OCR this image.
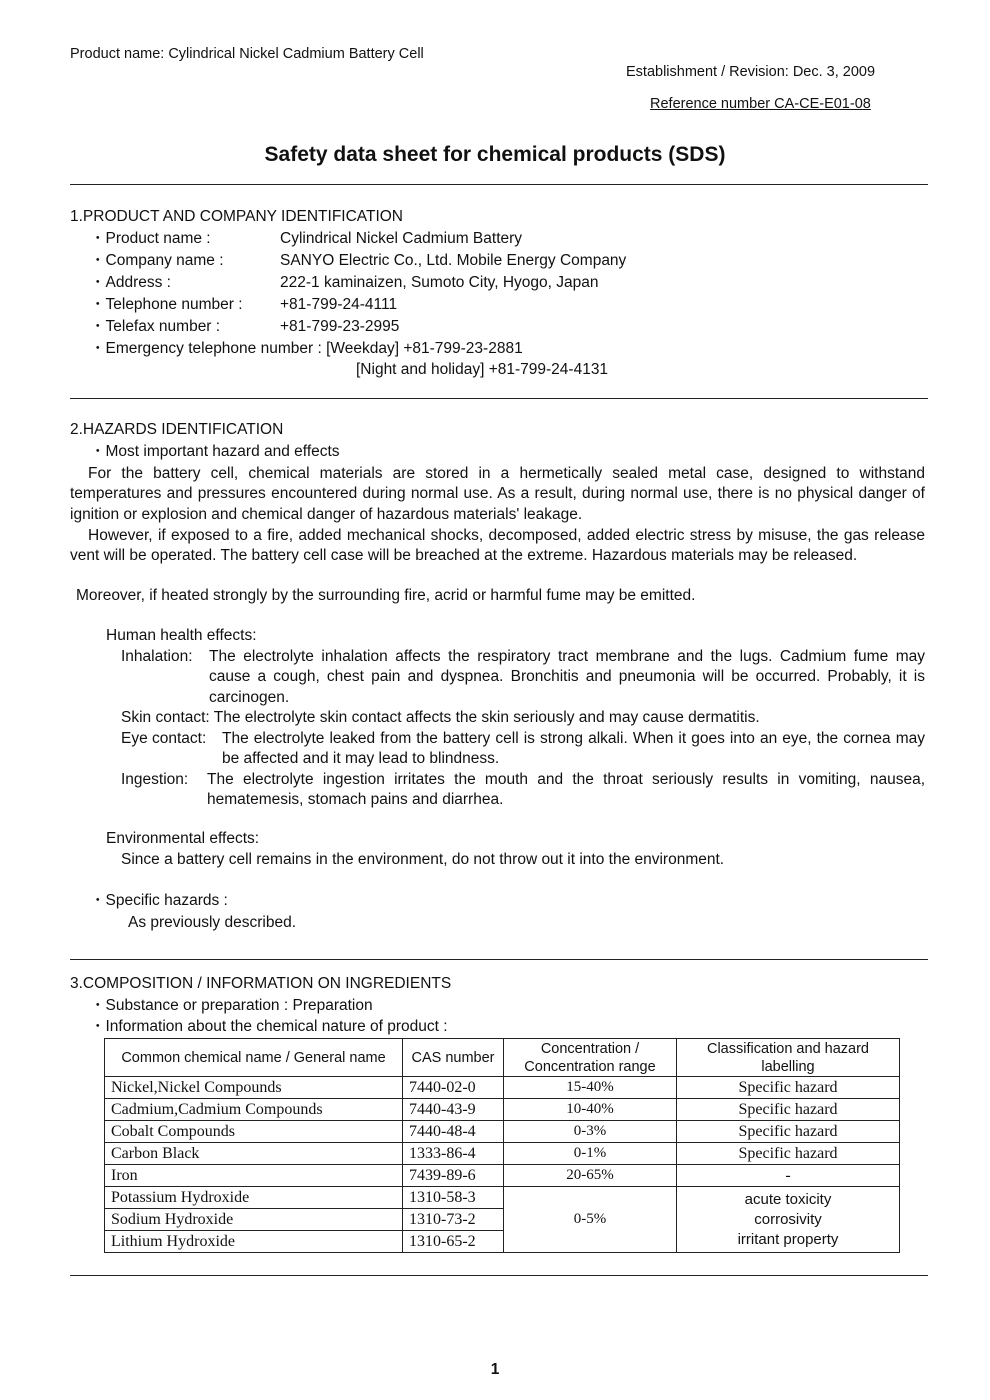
Product name: Cylindrical Nickel Cadmium Battery Cell
Establishment / Revision: Dec. 3, 2009
Reference number CA-CE-E01-08
Safety data sheet for chemical products (SDS)
1.PRODUCT AND COMPANY IDENTIFICATION
・Product name :	Cylindrical Nickel Cadmium Battery
・Company name :	SANYO Electric Co., Ltd. Mobile Energy Company
・Address :	222-1 kaminaizen, Sumoto City, Hyogo, Japan
・Telephone number : +81-799-24-4111
・Telefax number :	+81-799-23-2995
・Emergency telephone number : [Weekday] +81-799-23-2881
[Night and holiday] +81-799-24-4131
2.HAZARDS IDENTIFICATION
・Most important hazard and effects
For the battery cell, chemical materials are stored in a hermetically sealed metal case, designed to withstand temperatures and pressures encountered during normal use. As a result, during normal use, there is no physical danger of ignition or explosion and chemical danger of hazardous materials' leakage.
However, if exposed to a fire, added mechanical shocks, decomposed, added electric stress by misuse, the gas release vent will be operated. The battery cell case will be breached at the extreme. Hazardous materials may be released.
Moreover, if heated strongly by the surrounding fire, acrid or harmful fume may be emitted.
Human health effects:
Inhalation: The electrolyte inhalation affects the respiratory tract membrane and the lugs. Cadmium fume may cause a cough, chest pain and dyspnea. Bronchitis and pneumonia will be occurred. Probably, it is carcinogen.
Skin contact: The electrolyte skin contact affects the skin seriously and may cause dermatitis.
Eye contact: The electrolyte leaked from the battery cell is strong alkali. When it goes into an eye, the cornea may be affected and it may lead to blindness.
Ingestion: The electrolyte ingestion irritates the mouth and the throat seriously results in vomiting, nausea, hematemesis, stomach pains and diarrhea.
Environmental effects:
Since a battery cell remains in the environment, do not throw out it into the environment.
・Specific hazards :
As previously described.
3.COMPOSITION / INFORMATION ON INGREDIENTS
・Substance or preparation : Preparation
・Information about the chemical nature of product :
Common chemical name / General name	CAS number	Concentration / Concentration range	Classification and hazard labelling
Nickel,Nickel Compounds	7440-02-0	15-40%	Specific hazard
Cadmium,Cadmium Compounds	7440-43-9	10-40%	Specific hazard
Cobalt Compounds	7440-48-4	0-3%	Specific hazard
Carbon Black	1333-86-4	0-1%	Specific hazard
Iron	7439-89-6	20-65%	-
Potassium Hydroxide	1310-58-3	0-5%	acute toxicity
corrosivity
irritant property

Sodium Hydroxide	1310-73-2		
Lithium Hydroxide	1310-65-2		
1
